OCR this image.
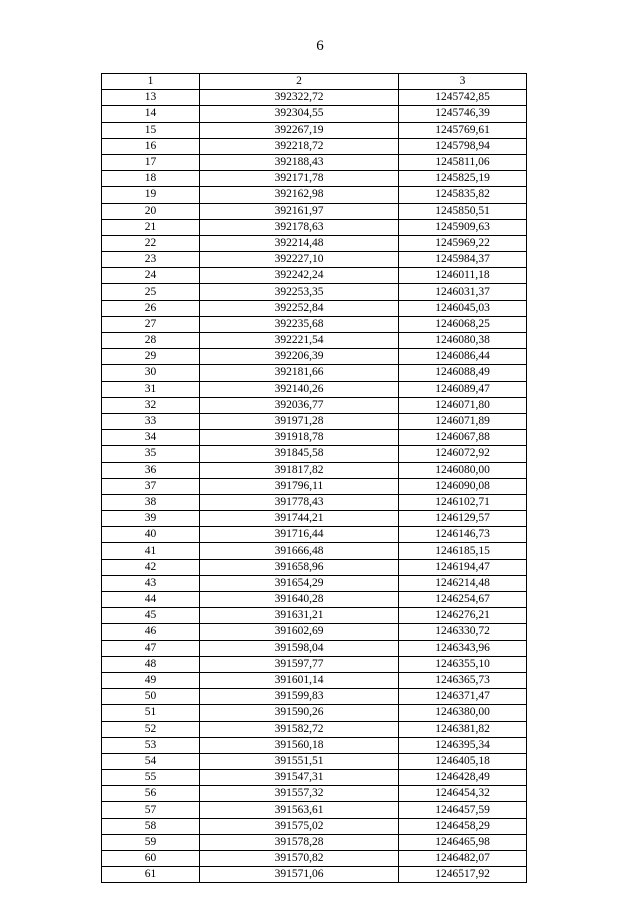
6
1	2	3
13	392322,72	1245742,85
14	392304,55	1245746,39
15	392267,19	1245769,61
16	392218,72	1245798,94
17	392188,43	1245811,06
18	392171,78	1245825,19
19	392162,98	1245835,82
20	392161,97	1245850,51
21	392178,63	1245909,63
22	392214,48	1245969,22
23	392227,10	1245984,37
24	392242,24	1246011,18
25	392253,35	1246031,37
26	392252,84	1246045,03
27	392235,68	1246068,25
28	392221,54	1246080,38
29	392206,39	1246086,44
30	392181,66	1246088,49
31	392140,26	1246089,47
32	392036,77	1246071,80
33	391971,28	1246071,89
34	391918,78	1246067,88
35	391845,58	1246072,92
36	391817,82	1246080,00
37	391796,11	1246090,08
38	391778,43	1246102,71
39	391744,21	1246129,57
40	391716,44	1246146,73
41	391666,48	1246185,15
42	391658,96	1246194,47
43	391654,29	1246214,48
44	391640,28	1246254,67
45	391631,21	1246276,21
46	391602,69	1246330,72
47	391598,04	1246343,96
48	391597,77	1246355,10
49	391601,14	1246365,73
50	391599,83	1246371,47
51	391590,26	1246380,00
52	391582,72	1246381,82
53	391560,18	1246395,34
54	391551,51	1246405,18
55	391547,31	1246428,49
56	391557,32	1246454,32
57	391563,61	1246457,59
58	391575,02	1246458,29
59	391578,28	1246465,98
60	391570,82	1246482,07
61	391571,06	1246517,92
